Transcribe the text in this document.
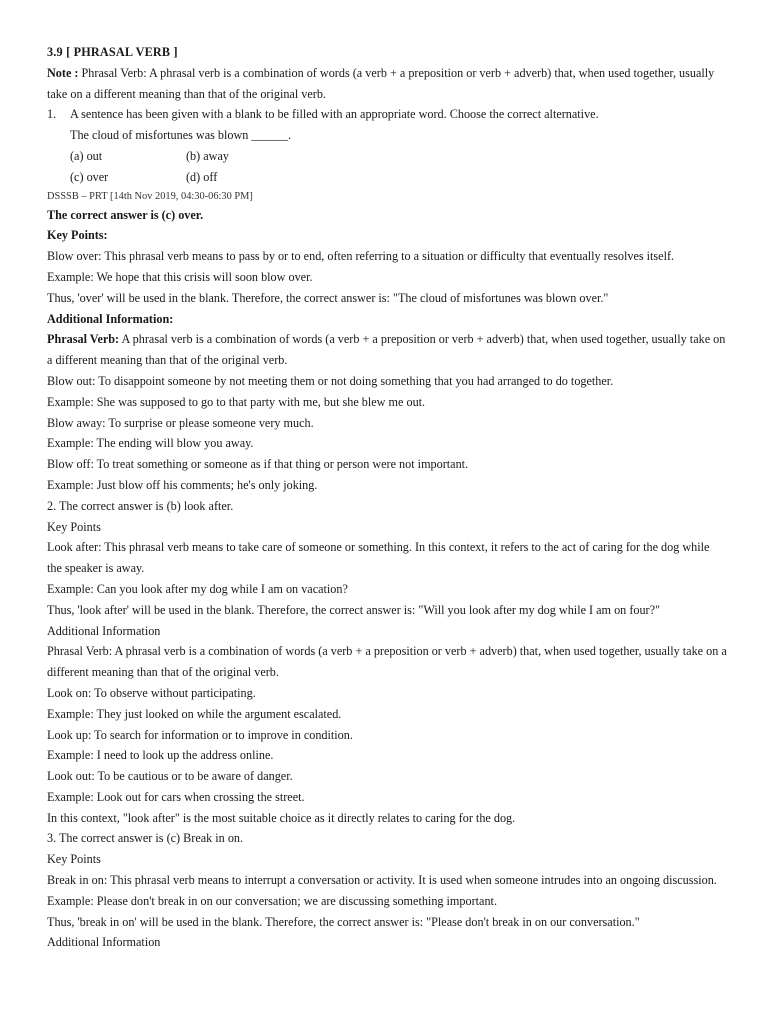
3.9 [ PHRASAL VERB ]
Note : Phrasal Verb: A phrasal verb is a combination of words (a verb + a preposition or verb + adverb) that, when used together, usually take on a different meaning than that of the original verb.
1.	A sentence has been given with a blank to be filled with an appropriate word. Choose the correct alternative.
The cloud of misfortunes was blown ______.
(a) out	(b) away
(c) over	(d) off
DSSSB – PRT [14th Nov 2019, 04:30-06:30 PM]
The correct answer is (c) over.
Key Points:
Blow over: This phrasal verb means to pass by or to end, often referring to a situation or difficulty that eventually resolves itself.
Example: We hope that this crisis will soon blow over.
Thus, 'over' will be used in the blank. Therefore, the correct answer is: "The cloud of misfortunes was blown over."
Additional Information:
Phrasal Verb: A phrasal verb is a combination of words (a verb + a preposition or verb + adverb) that, when used together, usually take on a different meaning than that of the original verb.
Blow out: To disappoint someone by not meeting them or not doing something that you had arranged to do together.
Example: She was supposed to go to that party with me, but she blew me out.
Blow away: To surprise or please someone very much.
Example: The ending will blow you away.
Blow off: To treat something or someone as if that thing or person were not important.
Example: Just blow off his comments; he's only joking.
2. The correct answer is (b) look after.
Key Points
Look after: This phrasal verb means to take care of someone or something. In this context, it refers to the act of caring for the dog while the speaker is away.
Example: Can you look after my dog while I am on vacation?
Thus, 'look after' will be used in the blank. Therefore, the correct answer is: "Will you look after my dog while I am on four?"
Additional Information
Phrasal Verb: A phrasal verb is a combination of words (a verb + a preposition or verb + adverb) that, when used together, usually take on a different meaning than that of the original verb.
Look on: To observe without participating.
Example: They just looked on while the argument escalated.
Look up: To search for information or to improve in condition.
Example: I need to look up the address online.
Look out: To be cautious or to be aware of danger.
Example: Look out for cars when crossing the street.
In this context, "look after" is the most suitable choice as it directly relates to caring for the dog.
3. The correct answer is (c) Break in on.
Key Points
Break in on: This phrasal verb means to interrupt a conversation or activity. It is used when someone intrudes into an ongoing discussion.
Example: Please don't break in on our conversation; we are discussing something important.
Thus, 'break in on' will be used in the blank. Therefore, the correct answer is: "Please don't break in on our conversation."
Additional Information
